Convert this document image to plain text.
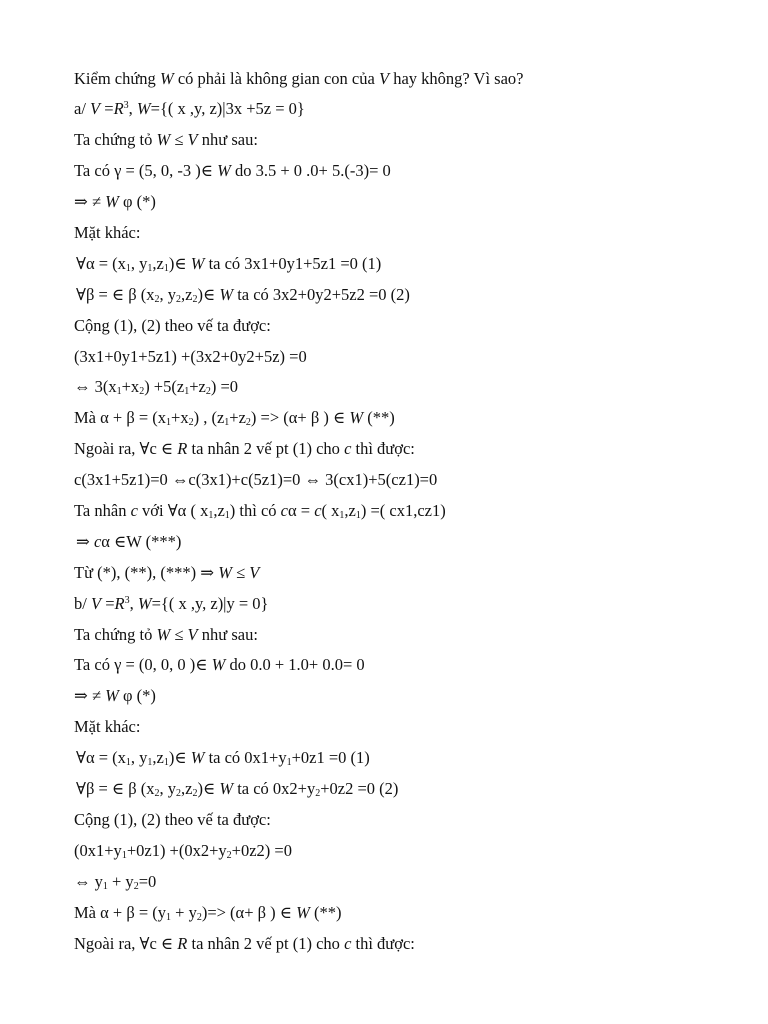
Kiểm chứng W có phải là không gian con của V hay không? Vì sao?
a/ $V =R^3$, W={( x ,y, z)|3x +5z = 0}
Ta chứng tỏ W ≤ V như sau:
Ta có γ = (5, 0, -3 )∈ W do 3.5 + 0 .0+ 5.(-3)= 0
⇒ ≠ W φ (*)
Mặt khác:
∀α = ($x_1$, $y_1,z_1)\in$ W ta có 3x1+0y1+5z1 =0 (1)
∀β = ∈ β ($x_2$, $y_2,z_2)\in$ W ta có 3x2+0y2+5z2 =0 (2)
Cộng (1), (2) theo vế ta được:
(3x1+0y1+5z1) +(3x2+0y2+5z) =0
⇔ $3(x_1+x_2) +5(z_1+z_2) =0$
Mà $\alpha + \beta = (x_1+x_2)$ , $(z_1+z_2) => (\alpha+ \beta$ ) ∈ W (**)
Ngoài ra, ∀c ∈ R ta nhân 2 vế pt (1) cho c thì được:
c(3x1+5z1)=0 ⇔c(3x1)+c(5z1)=0 ⇔ 3(cx1)+5(cz1)=0
Ta nhân c với ∀α ( $x_1,z_1$) thì có cα = c( $x_1,z_1$) =( cx1,cz1)
⇒ cα ∈W (***)
Từ (*), (**), (***) ⇒ W ≤ V
b/ $V =R^3$, W={( x ,y, z)|y = 0}
Ta chứng tỏ W ≤ V như sau:
Ta có γ = (0, 0, 0 )∈ W do 0.0 + 1.0+ 0.0= 0
⇒ ≠ W φ (*)
Mặt khác:
∀α = ($x_1$, $y_1,z_1)\in$ W ta có $0x1+y_1+0z1 =0$ (1)
∀β = ∈ β ($x_2$, $y_2,z_2)\in$ W ta có $0x2+y_2+0z2 =0$ (2)
Cộng (1), (2) theo vế ta được:
$(0x1+y_1+0z1) +(0x2+y_2+0z2) =0$
⇔ $y_1 + y_2=0$
Mà $\alpha + \beta = (y_1 + y_2)=> (\alpha+ \beta$ ) ∈ W (**)
Ngoài ra, ∀c ∈ R ta nhân 2 vế pt (1) cho c thì được:
